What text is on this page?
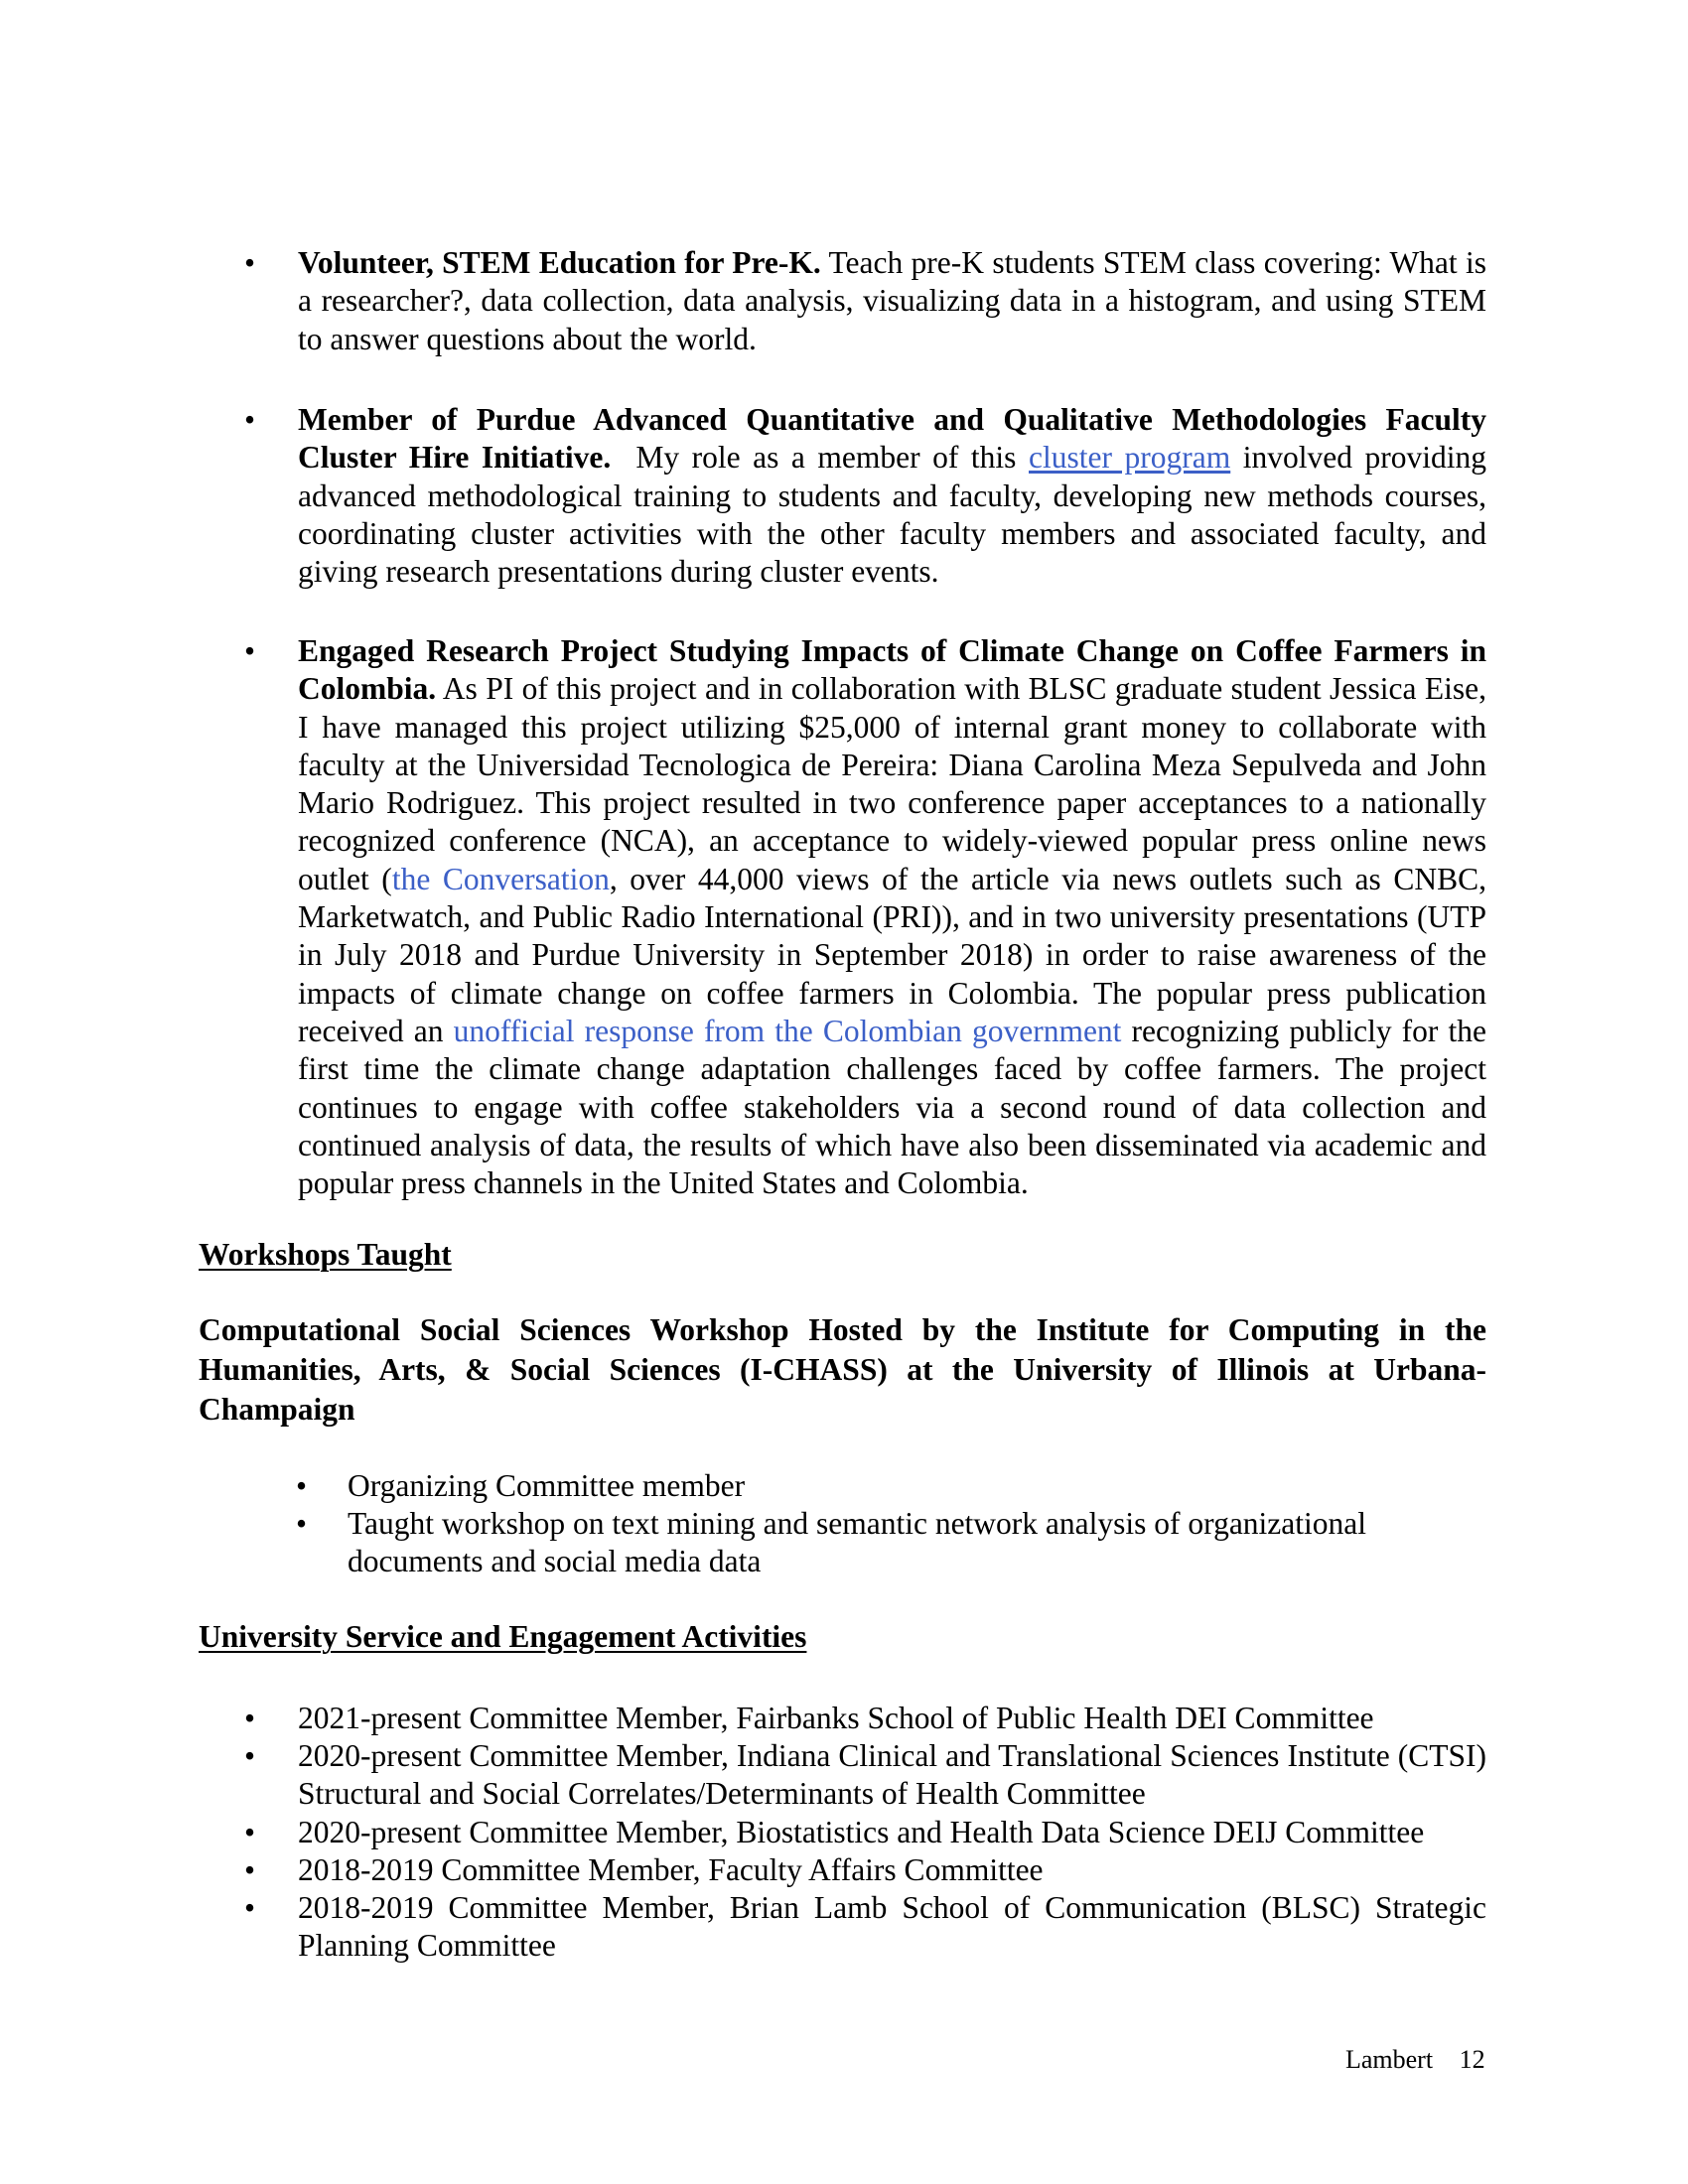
• Volunteer, STEM Education for Pre-K. Teach pre-K students STEM class covering: What is a researcher?, data collection, data analysis, visualizing data in a histogram, and using STEM to answer questions about the world.
• Member of Purdue Advanced Quantitative and Qualitative Methodologies Faculty Cluster Hire Initiative. My role as a member of this cluster program involved providing advanced methodological training to students and faculty, developing new methods courses, coordinating cluster activities with the other faculty members and associated faculty, and giving research presentations during cluster events.
• Engaged Research Project Studying Impacts of Climate Change on Coffee Farmers in Colombia. As PI of this project and in collaboration with BLSC graduate student Jessica Eise, I have managed this project utilizing $25,000 of internal grant money to collaborate with faculty at the Universidad Tecnologica de Pereira: Diana Carolina Meza Sepulveda and John Mario Rodriguez. This project resulted in two conference paper acceptances to a nationally recognized conference (NCA), an acceptance to widely-viewed popular press online news outlet (the Conversation, over 44,000 views of the article via news outlets such as CNBC, Marketwatch, and Public Radio International (PRI)), and in two university presentations (UTP in July 2018 and Purdue University in September 2018) in order to raise awareness of the impacts of climate change on coffee farmers in Colombia. The popular press publication received an unofficial response from the Colombian government recognizing publicly for the first time the climate change adaptation challenges faced by coffee farmers. The project continues to engage with coffee stakeholders via a second round of data collection and continued analysis of data, the results of which have also been disseminated via academic and popular press channels in the United States and Colombia.
Workshops Taught
Computational Social Sciences Workshop Hosted by the Institute for Computing in the Humanities, Arts, & Social Sciences (I-CHASS) at the University of Illinois at Urbana-Champaign
• Organizing Committee member
• Taught workshop on text mining and semantic network analysis of organizational documents and social media data
University Service and Engagement Activities
• 2021-present Committee Member, Fairbanks School of Public Health DEI Committee
• 2020-present Committee Member, Indiana Clinical and Translational Sciences Institute (CTSI) Structural and Social Correlates/Determinants of Health Committee
• 2020-present Committee Member, Biostatistics and Health Data Science DEIJ Committee
• 2018-2019 Committee Member, Faculty Affairs Committee
• 2018-2019 Committee Member, Brian Lamb School of Communication (BLSC) Strategic Planning Committee
Lambert 12
